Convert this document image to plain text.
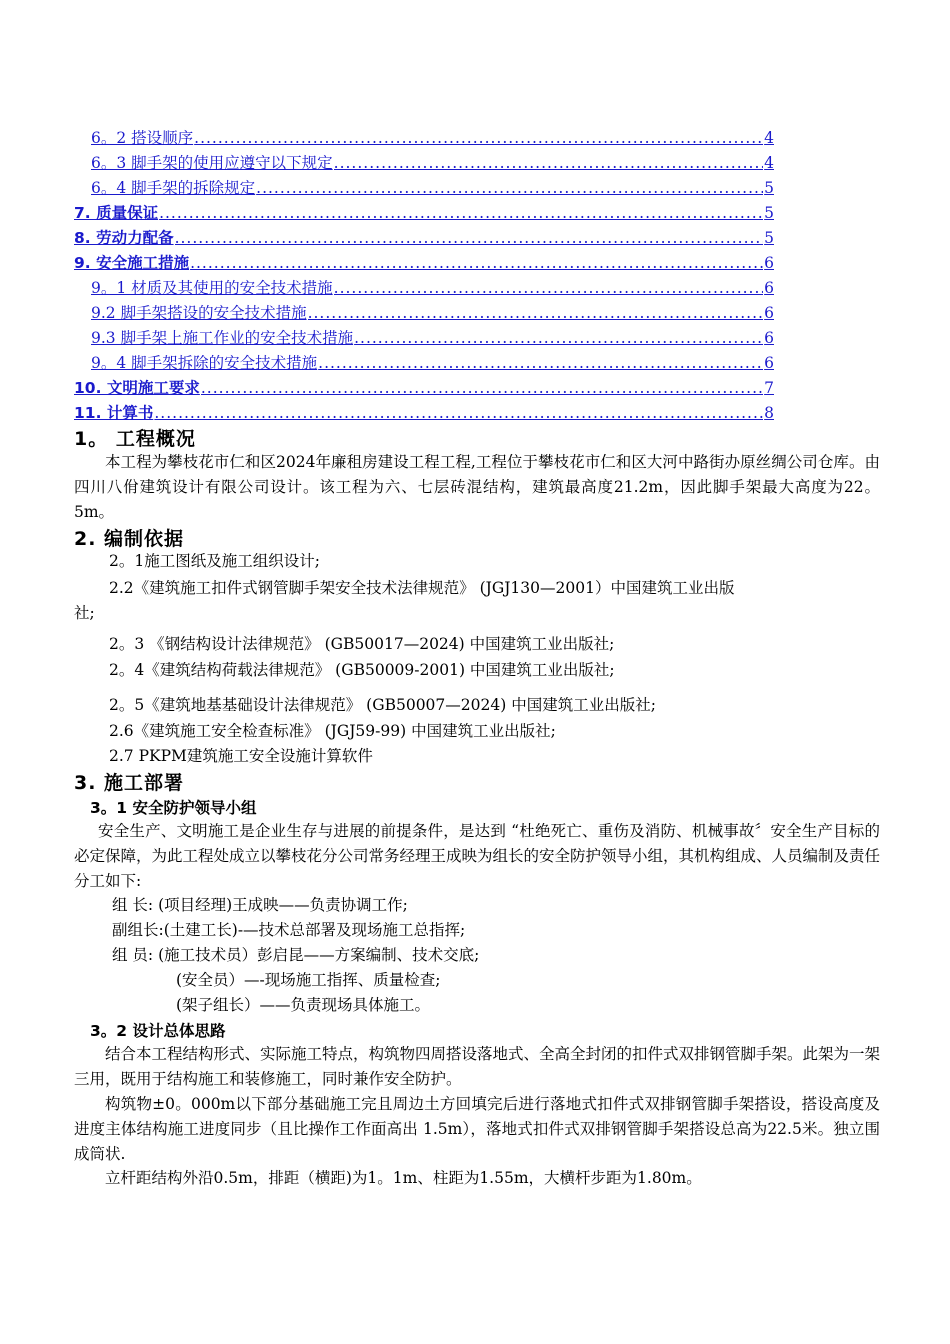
6。2 搭设顺序 .....	4
6。3 脚手架的使用应遵守以下规定 .....	4
6。4 脚手架的拆除规定 .....	5
7. 质量保证 .....	5
8. 劳动力配备 .....	5
9. 安全施工措施 .....	6
9。1 材质及其使用的安全技术措施 .....	6
9.2 脚手架搭设的安全技术措施 .....	6
9.3 脚手架上施工作业的安全技术措施 .....	6
9。4 脚手架拆除的安全技术措施 .....	6
10. 文明施工要求 .....	7
11. 计算书 .....	8
1。 工程概况
本工程为攀枝花市仁和区2024年廉租房建设工程工程,工程位于攀枝花市仁和区大河中路街办原丝绸公司仓库。由四川八佾建筑设计有限公司设计。该工程为六、七层砖混结构，建筑最高度21.2m，因此脚手架最大高度为22。5m。
2. 编制依据
2。1施工图纸及施工组织设计;
2.2《建筑施工扣件式钢管脚手架安全技术法律规范》 (JGJ130—2001）中国建筑工业出版
社;
2。3 《钢结构设计法律规范》 (GB50017—2024) 中国建筑工业出版社;
2。4《建筑结构荷载法律规范》 (GB50009-2001) 中国建筑工业出版社;
2。5《建筑地基基础设计法律规范》 (GB50007—2024) 中国建筑工业出版社;
2.6《建筑施工安全检查标准》 (JGJ59-99) 中国建筑工业出版社;
2.7 PKPM建筑施工安全设施计算软件
3. 施工部署
3。1 安全防护领导小组
安全生产、文明施工是企业生存与进展的前提条件，是达到 “杜绝死亡、重伤及消防、机械事故〞安全生产目标的必定保障，为此工程处成立以攀枝花分公司常务经理王成映为组长的安全防护领导小组，其机构组成、人员编制及责任分工如下:
组 长: (项目经理)王成映——负责协调工作;
副组长:(土建工长)-—技术总部署及现场施工总指挥;
组 员: (施工技术员）彭启昆——方案编制、技术交底;
(安全员）—-现场施工指挥、质量检查;
(架子组长）——负责现场具体施工。
3。2 设计总体思路
结合本工程结构形式、实际施工特点，构筑物四周搭设落地式、全高全封闭的扣件式双排钢管脚手架。此架为一架三用，既用于结构施工和装修施工，同时兼作安全防护。
构筑物±0。000m以下部分基础施工完且周边土方回填完后进行落地式扣件式双排钢管脚手架搭设，搭设高度及进度主体结构施工进度同步（且比操作工作面高出 1.5m），落地式扣件式双排钢管脚手架搭设总高为22.5米。独立围成筒状.
立杆距结构外沿0.5m，排距（横距)为1。1m、柱距为1.55m，大横杆步距为1.80m。
